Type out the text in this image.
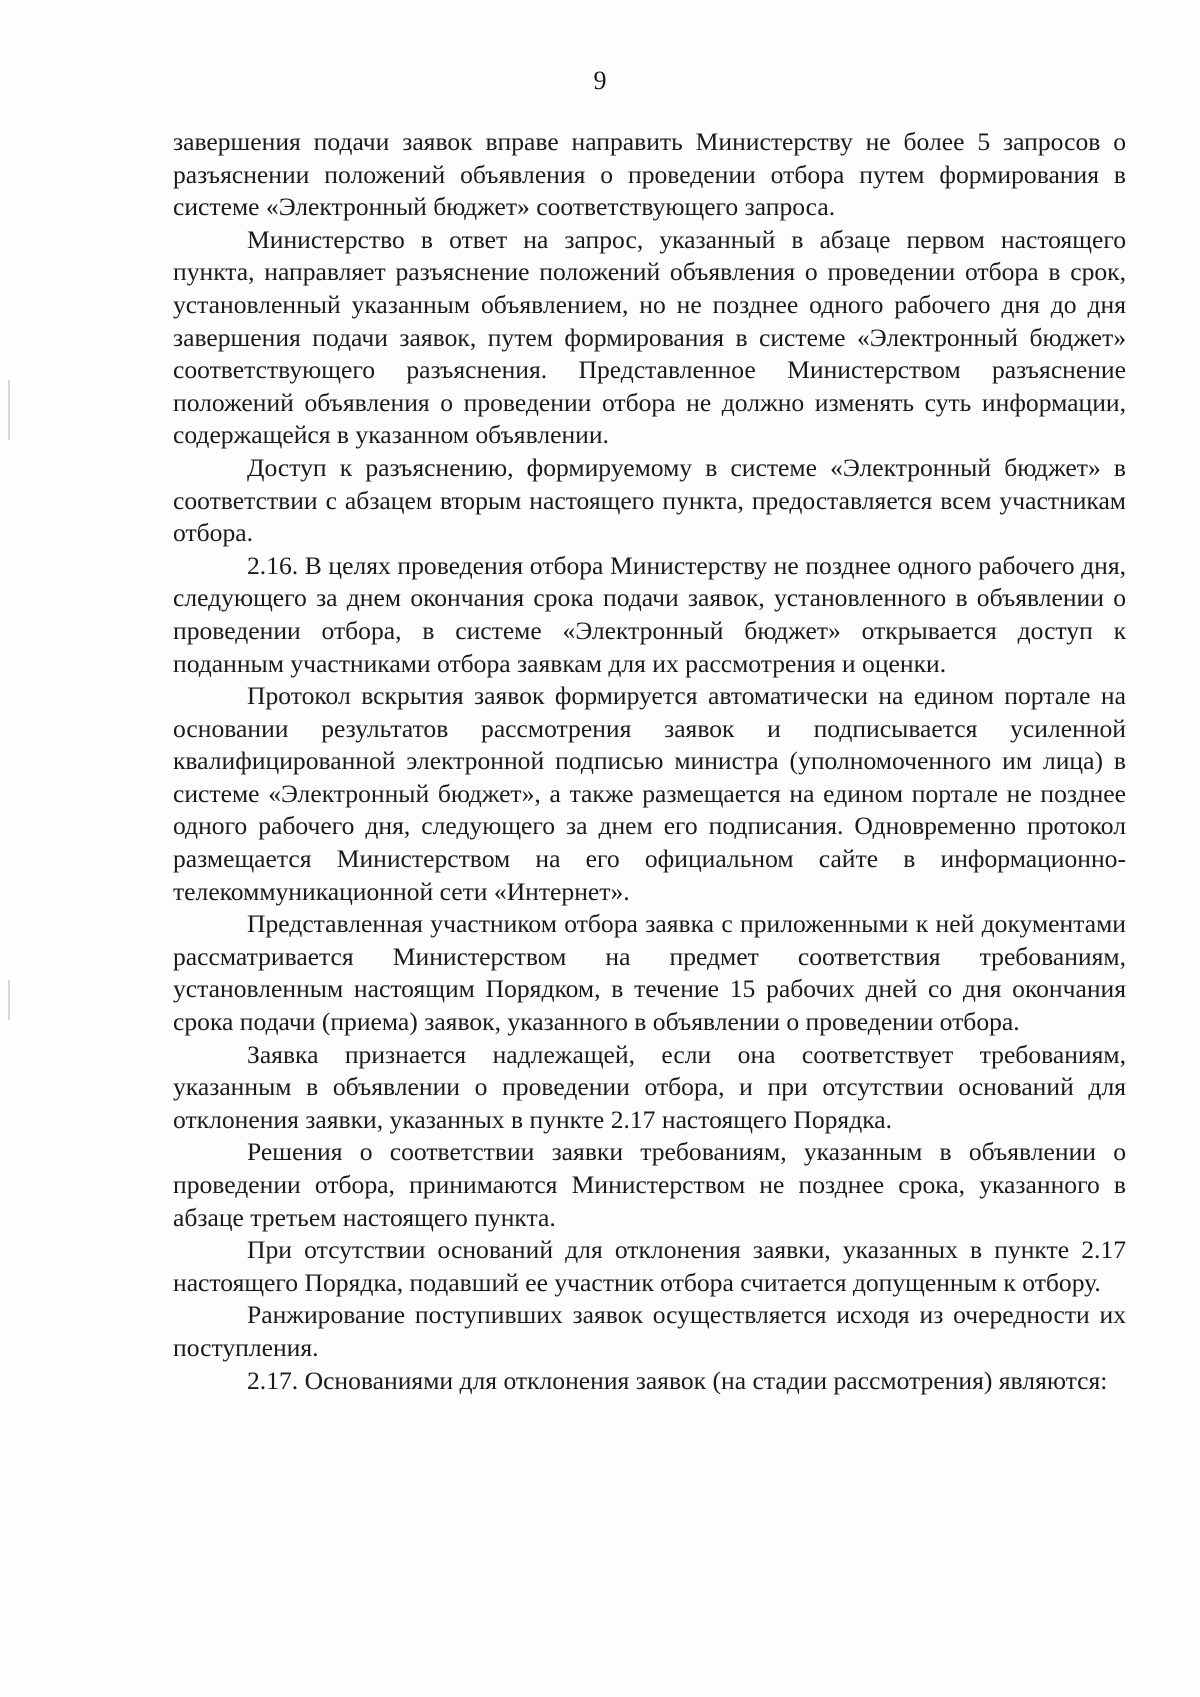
9

завершения подачи заявок вправе направить Министерству не более 5 запросов о разъяснении положений объявления о проведении отбора путем формирования в системе «Электронный бюджет» соответствующего запроса.

Министерство в ответ на запрос, указанный в абзаце первом настоящего пункта, направляет разъяснение положений объявления о проведении отбора в срок, установленный указанным объявлением, но не позднее одного рабочего дня до дня завершения подачи заявок, путем формирования в системе «Электронный бюджет» соответствующего разъяснения. Представленное Министерством разъяснение положений объявления о проведении отбора не должно изменять суть информации, содержащейся в указанном объявлении.

Доступ к разъяснению, формируемому в системе «Электронный бюджет» в соответствии с абзацем вторым настоящего пункта, предоставляется всем участникам отбора.

2.16. В целях проведения отбора Министерству не позднее одного рабочего дня, следующего за днем окончания срока подачи заявок, установленного в объявлении о проведении отбора, в системе «Электронный бюджет» открывается доступ к поданным участниками отбора заявкам для их рассмотрения и оценки.

Протокол вскрытия заявок формируется автоматически на едином портале на основании результатов рассмотрения заявок и подписывается усиленной квалифицированной электронной подписью министра (уполномоченного им лица) в системе «Электронный бюджет», а также размещается на едином портале не позднее одного рабочего дня, следующего за днем его подписания. Одновременно протокол размещается Министерством на его официальном сайте в информационно-телекоммуникационной сети «Интернет».

Представленная участником отбора заявка с приложенными к ней документами рассматривается Министерством на предмет соответствия требованиям, установленным настоящим Порядком, в течение 15 рабочих дней со дня окончания срока подачи (приема) заявок, указанного в объявлении о проведении отбора.

Заявка признается надлежащей, если она соответствует требованиям, указанным в объявлении о проведении отбора, и при отсутствии оснований для отклонения заявки, указанных в пункте 2.17 настоящего Порядка.

Решения о соответствии заявки требованиям, указанным в объявлении о проведении отбора, принимаются Министерством не позднее срока, указанного в абзаце третьем настоящего пункта.

При отсутствии оснований для отклонения заявки, указанных в пункте 2.17 настоящего Порядка, подавший ее участник отбора считается допущенным к отбору.

Ранжирование поступивших заявок осуществляется исходя из очередности их поступления.

2.17. Основаниями для отклонения заявок (на стадии рассмотрения) являются:
